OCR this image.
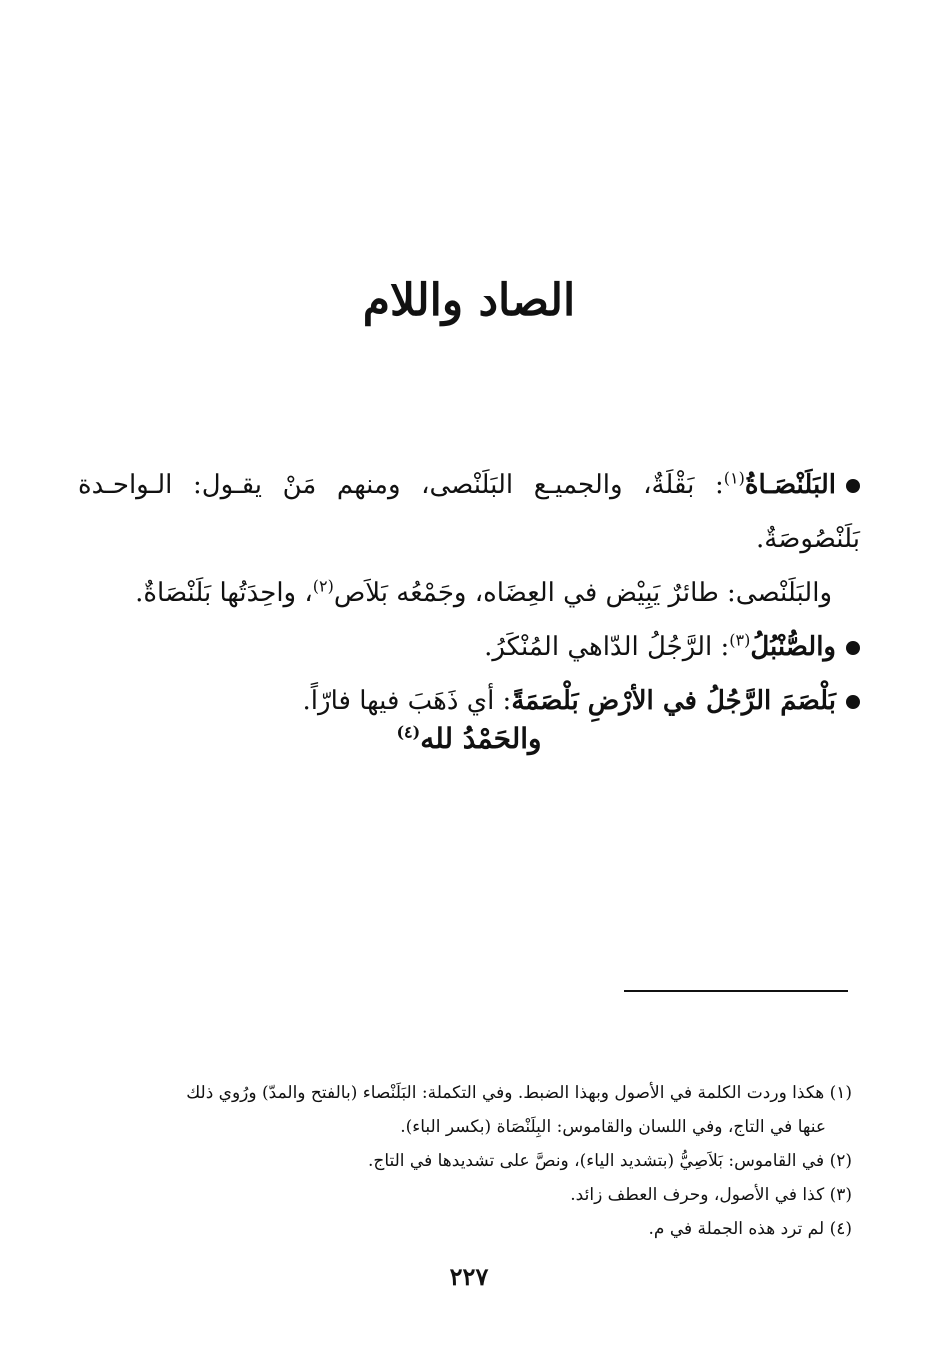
الصاد واللام

البَلَنْصَـاةُ$^{(١)}$: بَقْلَةٌ، والجميـع البَلَنْصى، ومنهم مَنْ يقـول: الـواحـدة بَلَنْصُوصَةٌ.

والبَلَنْصى: طائرٌ يَبِيْض في العِضَاه، وجَمْعُه بَلاَص$^{(٢)}$، واحِدَتُها بَلَنْصَاةٌ.

والصُّنْبُلُ$^{(٣)}$: الرَّجُلُ الدّاهي المُنْكَرُ.

بَلْصَمَ الرَّجُلُ في الأرْضِ بَلْصَمَةً: أي ذَهَبَ فيها فارّاً.

والحَمْدُ لله$^{(٤)}$

(١) هكذا وردت الكلمة في الأصول وبهذا الضبط. وفي التكملة: البَلَنْصاء (بالفتح والمدّ) ورُوي ذلك
عنها في التاج، وفي اللسان والقاموس: البِلَنْصَاة (بكسر الباء).

(٢) في القاموس: بَلاَصِيُّ (بتشديد الياء)، ونصَّ على تشديدها في التاج.

(٣) كذا في الأصول، وحرف العطف زائد.

(٤) لم ترد هذه الجملة في م.

٢٢٧
